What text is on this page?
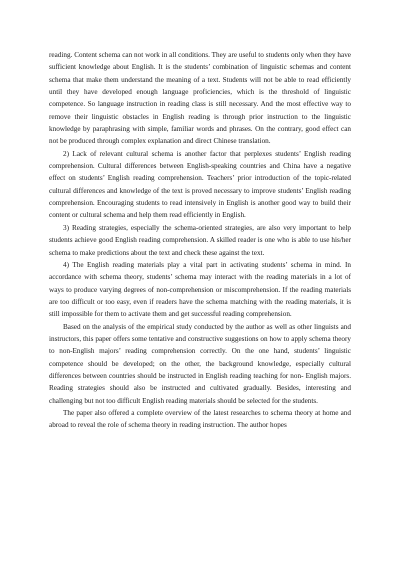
reading. Content schema can not work in all conditions. They are useful to students only when they have sufficient knowledge about English. It is the students’ combination of linguistic schemas and content schema that make them understand the meaning of a text. Students will not be able to read efficiently until they have developed enough language proficiencies, which is the threshold of linguistic competence. So language instruction in reading class is still necessary. And the most effective way to remove their linguistic obstacles in English reading is through prior instruction to the linguistic knowledge by paraphrasing with simple, familiar words and phrases. On the contrary, good effect can not be produced through complex explanation and direct Chinese translation.

2) Lack of relevant cultural schema is another factor that perplexes students’ English reading comprehension. Cultural differences between English-speaking countries and China have a negative effect on students’ English reading comprehension. Teachers’ prior introduction of the topic-related cultural differences and knowledge of the text is proved necessary to improve students’ English reading comprehension. Encouraging students to read intensively in English is another good way to build their content or cultural schema and help them read efficiently in English.

3) Reading strategies, especially the schema-oriented strategies, are also very important to help students achieve good English reading comprehension. A skilled reader is one who is able to use his/her schema to make predictions about the text and check these against the text.

4) The English reading materials play a vital part in activating students’ schema in mind. In accordance with schema theory, students’ schema may interact with the reading materials in a lot of ways to produce varying degrees of non-comprehension or miscomprehension. If the reading materials are too difficult or too easy, even if readers have the schema matching with the reading materials, it is still impossible for them to activate them and get successful reading comprehension.

Based on the analysis of the empirical study conducted by the author as well as other linguists and instructors, this paper offers some tentative and constructive suggestions on how to apply schema theory to non-English majors’ reading comprehension correctly. On the one hand, students’ linguistic competence should be developed; on the other, the background knowledge, especially cultural differences between countries should be instructed in English reading teaching for non- English majors. Reading strategies should also be instructed and cultivated gradually. Besides, interesting and challenging but not too difficult English reading materials should be selected for the students.

The paper also offered a complete overview of the latest researches to schema theory at home and abroad to reveal the role of schema theory in reading instruction. The author hopes
